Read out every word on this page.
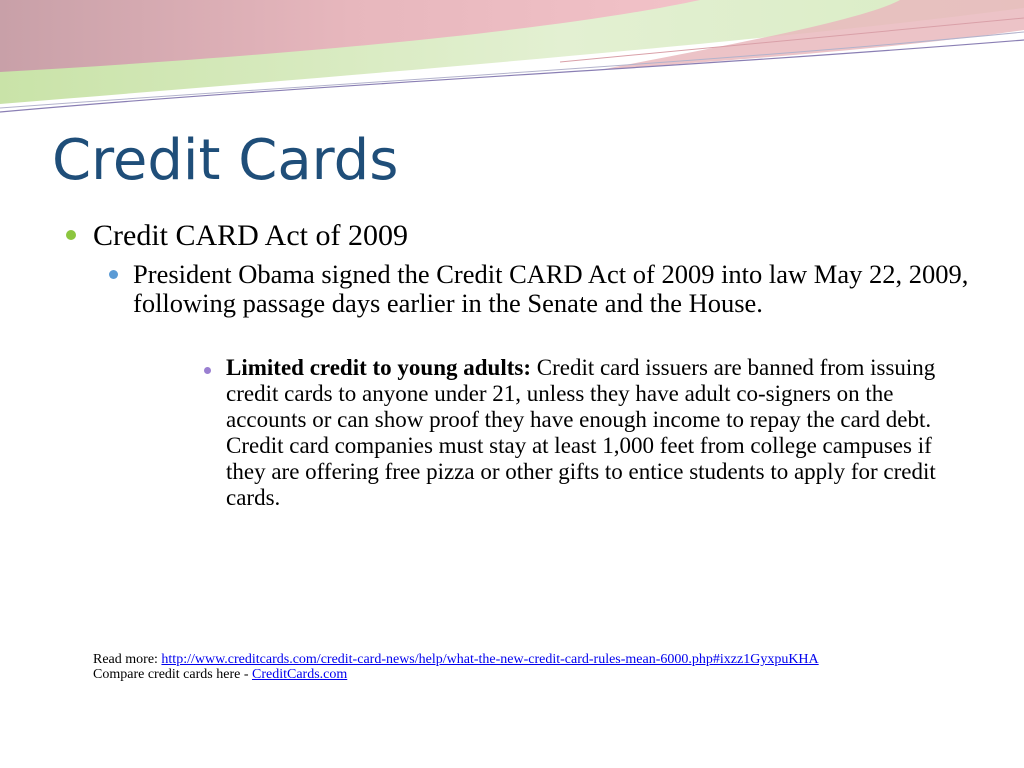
Credit Cards
Credit CARD Act of 2009
President Obama signed the Credit CARD Act of 2009 into law May 22, 2009, following passage days earlier in the Senate and the House.
Limited credit to young adults: Credit card issuers are banned from issuing credit cards to anyone under 21, unless they have adult co-signers on the accounts or can show proof they have enough income to repay the card debt. Credit card companies must stay at least 1,000 feet from college campuses if they are offering free pizza or other gifts to entice students to apply for credit cards.
Read more: http://www.creditcards.com/credit-card-news/help/what-the-new-credit-card-rules-mean-6000.php#ixzz1GyxpuKHA
Compare credit cards here - CreditCards.com
